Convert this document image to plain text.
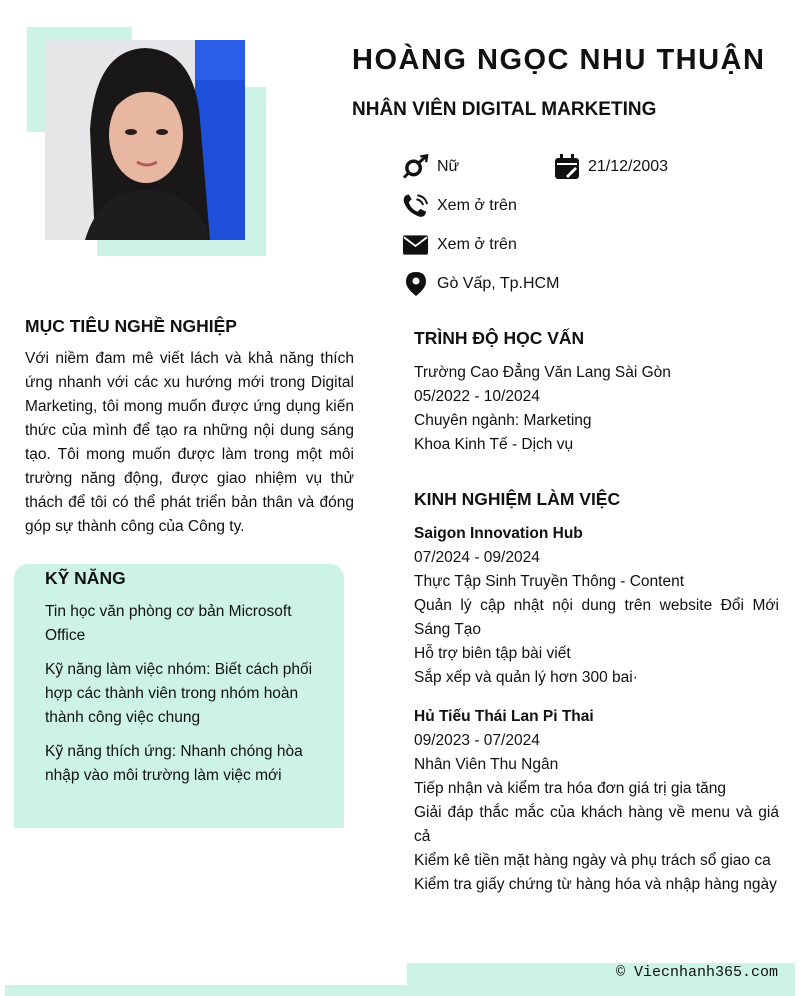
HOÀNG NGỌC NHU THUẬN
NHÂN VIÊN DIGITAL MARKETING
Nữ	21/12/2003
Xem ở trên
Xem ở trên
Gò Vấp, Tp.HCM
MỤC TIÊU NGHỀ NGHIỆP
Với niềm đam mê viết lách và khả năng thích ứng nhanh với các xu hướng mới trong Digital Marketing, tôi mong muốn được ứng dụng kiến thức của mình để tạo ra những nội dung sáng tạo. Tôi mong muốn được làm trong một môi trường năng động, được giao nhiệm vụ thử thách để tôi có thể phát triển bản thân và đóng góp sự thành công của Công ty.
KỸ NĂNG
Tin học văn phòng cơ bản Microsoft Office
Kỹ năng làm việc nhóm: Biết cách phối hợp các thành viên trong nhóm hoàn thành công việc chung
Kỹ năng thích ứng: Nhanh chóng hòa nhập vào môi trường làm việc mới
TRÌNH ĐỘ HỌC VẤN
Trường Cao Đẳng Văn Lang Sài Gòn
05/2022 - 10/2024
Chuyên ngành: Marketing
Khoa Kinh Tế - Dịch vụ
KINH NGHIỆM LÀM VIỆC
Saigon Innovation Hub
07/2024 - 09/2024
Thực Tập Sinh Truyền Thông - Content
Quản lý cập nhật nội dung trên website Đổi Mới Sáng Tạo
Hỗ trợ biên tập bài viết
Sắp xếp và quản lý hơn 300 bai·
Hủ Tiếu Thái Lan Pi Thai
09/2023 - 07/2024
Nhân Viên Thu Ngân
Tiếp nhận và kiểm tra hóa đơn giá trị gia tăng
Giải đáp thắc mắc của khách hàng về menu và giá cả
Kiểm kê tiền mặt hàng ngày và phụ trách sổ giao ca
Kiểm tra giấy chứng từ hàng hóa và nhập hàng ngày
© Viecnhanh365.com
